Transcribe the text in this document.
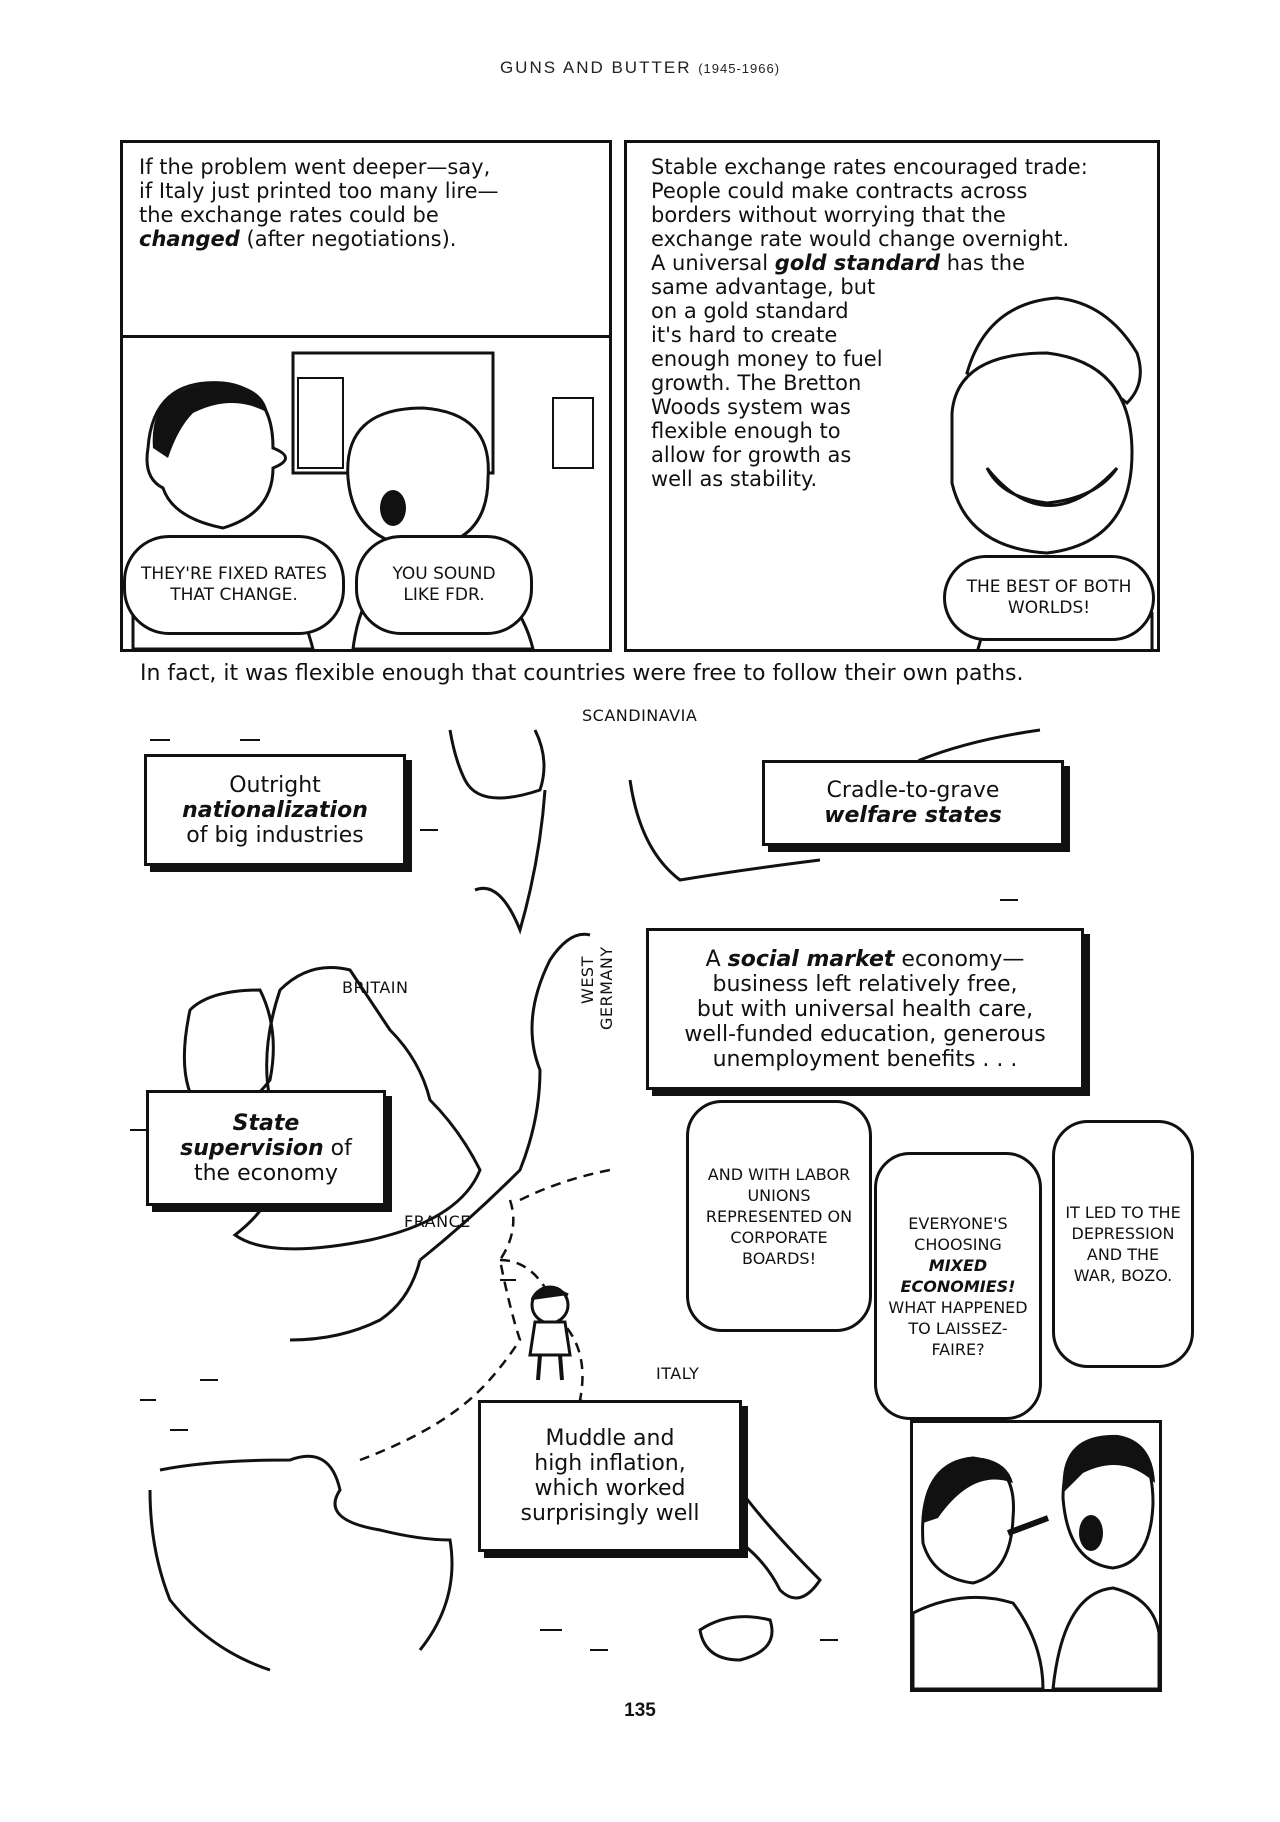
GUNS AND BUTTER (1945-1966)
If the problem went deeper—say,
if Italy just printed too many lire—
the exchange rates could be
changed (after negotiations).
THEY'RE FIXED RATES THAT CHANGE.
YOU SOUND LIKE FDR.
Stable exchange rates encouraged trade:
People could make contracts across
borders without worrying that the
exchange rate would change overnight.
A universal gold standard has the
same advantage, but
on a gold standard
it's hard to create
enough money to fuel
growth. The Bretton
Woods system was
flexible enough to
allow for growth as
well as stability.
THE BEST OF BOTH WORLDS!
In fact, it was flexible enough that countries were free to follow their own paths.
SCANDINAVIA
BRITAIN	WEST GERMANY
FRANCE
ITALY
Outright
nationalization
of big industries
Cradle-to-grave
welfare states
A social market economy—
business left relatively free,
but with universal health care,
well-funded education, generous
unemployment benefits . . .
State
supervision of
the economy
Muddle and
high inflation,
which worked
surprisingly well
AND WITH LABOR UNIONS REPRESENTED ON CORPORATE BOARDS!
EVERYONE'S CHOOSING
MIXED ECONOMIES!
WHAT HAPPENED TO LAISSEZ-FAIRE?
IT LED TO THE DEPRESSION AND THE WAR, BOZO.
135
